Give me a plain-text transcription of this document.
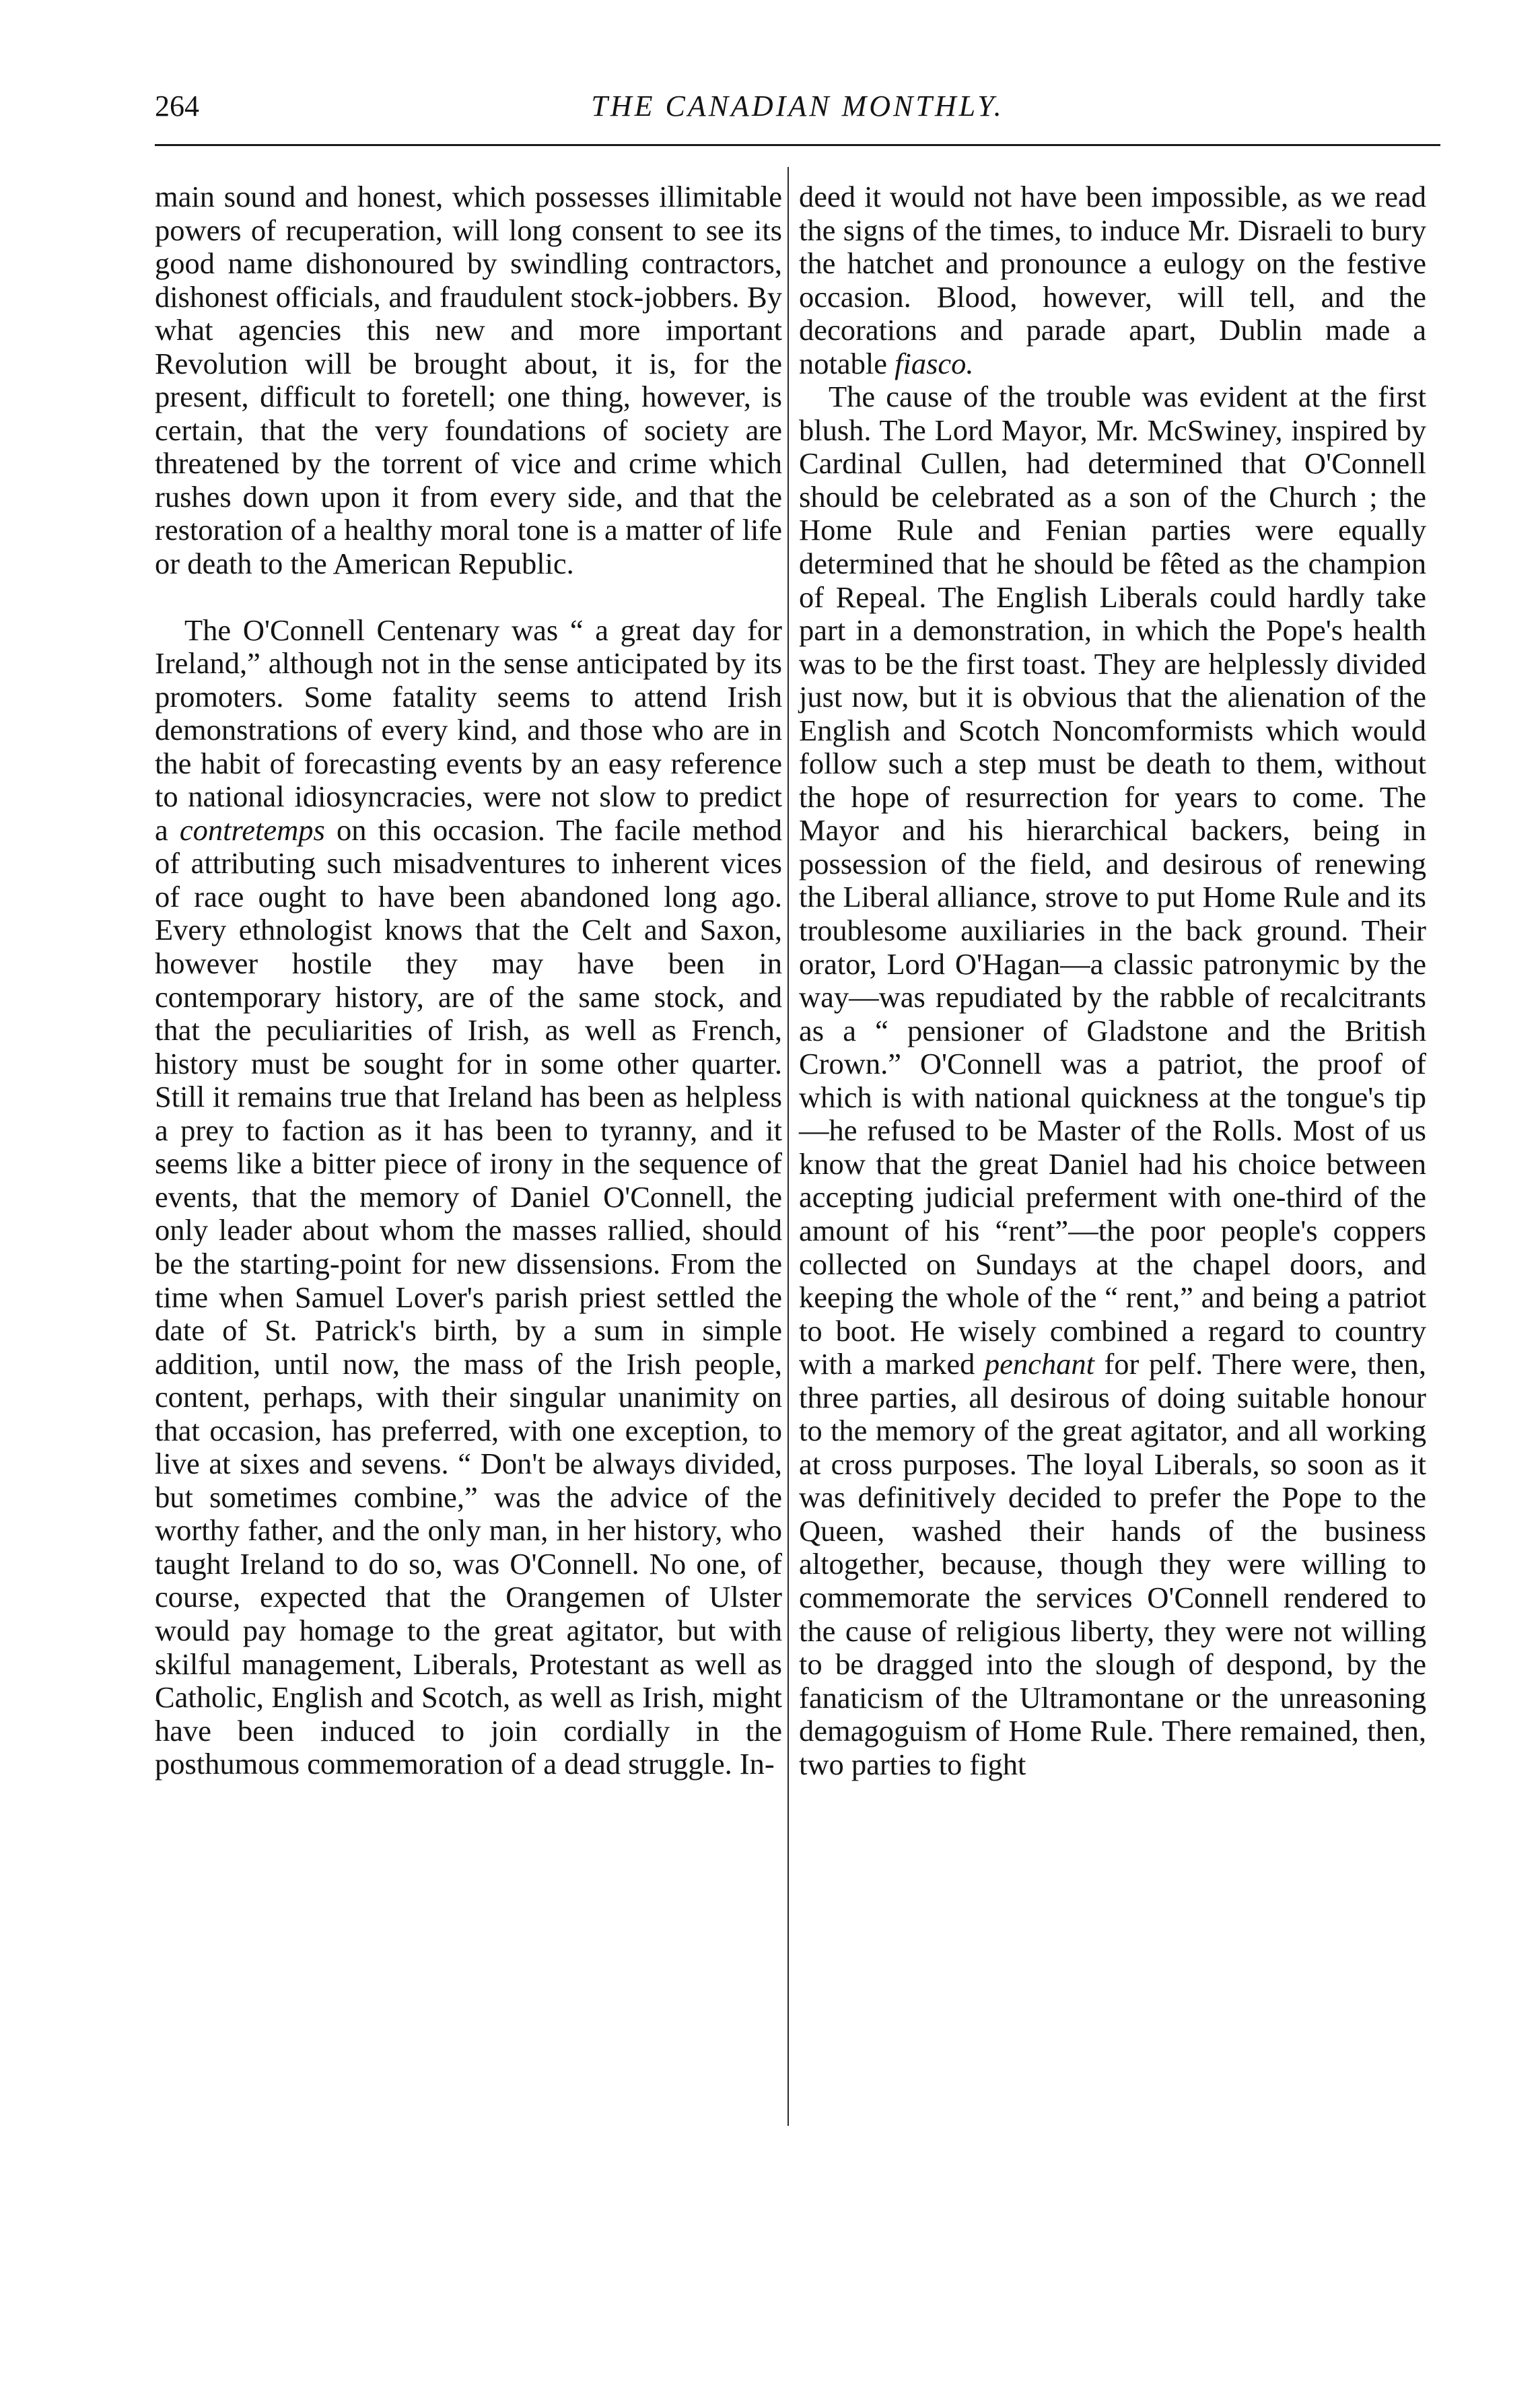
264	THE CANADIAN MONTHLY.

main sound and honest, which possesses illimitable powers of recuperation, will long consent to see its good name dishonoured by swindling contractors, dishonest officials, and fraudulent stock-jobbers. By what agencies this new and more important Revolution will be brought about, it is, for the present, difficult to foretell; one thing, however, is certain, that the very foundations of society are threatened by the torrent of vice and crime which rushes down upon it from every side, and that the restoration of a healthy moral tone is a matter of life or death to the American Republic.

The O'Connell Centenary was “ a great day for Ireland,” although not in the sense anticipated by its promoters. Some fatality seems to attend Irish demonstrations of every kind, and those who are in the habit of forecasting events by an easy reference to national idiosyncracies, were not slow to predict a contretemps on this occasion. The facile method of attributing such misadventures to inherent vices of race ought to have been abandoned long ago. Every ethnologist knows that the Celt and Saxon, however hostile they may have been in contemporary history, are of the same stock, and that the peculiarities of Irish, as well as French, history must be sought for in some other quarter. Still it remains true that Ireland has been as helpless a prey to faction as it has been to tyranny, and it seems like a bitter piece of irony in the sequence of events, that the memory of Daniel O'Connell, the only leader about whom the masses rallied, should be the starting-point for new dissensions. From the time when Samuel Lover's parish priest settled the date of St. Patrick's birth, by a sum in simple addition, until now, the mass of the Irish people, content, perhaps, with their singular unanimity on that occasion, has preferred, with one exception, to live at sixes and sevens. “ Don't be always divided, but sometimes combine,” was the advice of the worthy father, and the only man, in her history, who taught Ireland to do so, was O'Connell. No one, of course, expected that the Orangemen of Ulster would pay homage to the great agitator, but with skilful management, Liberals, Protestant as well as Catholic, English and Scotch, as well as Irish, might have been induced to join cordially in the posthumous commemoration of a dead struggle. In-

deed it would not have been impossible, as we read the signs of the times, to induce Mr. Disraeli to bury the hatchet and pronounce a eulogy on the festive occasion. Blood, however, will tell, and the decorations and parade apart, Dublin made a notable fiasco.

The cause of the trouble was evident at the first blush. The Lord Mayor, Mr. McSwiney, inspired by Cardinal Cullen, had determined that O'Connell should be celebrated as a son of the Church ; the Home Rule and Fenian parties were equally determined that he should be fêted as the champion of Repeal. The English Liberals could hardly take part in a demonstration, in which the Pope's health was to be the first toast. They are helplessly divided just now, but it is obvious that the alienation of the English and Scotch Noncomformists which would follow such a step must be death to them, without the hope of resurrection for years to come. The Mayor and his hierarchical backers, being in possession of the field, and desirous of renewing the Liberal alliance, strove to put Home Rule and its troublesome auxiliaries in the back ground. Their orator, Lord O'Hagan—a classic patronymic by the way—was repudiated by the rabble of recalcitrants as a “ pensioner of Gladstone and the British Crown.” O'Connell was a patriot, the proof of which is with national quickness at the tongue's tip—he refused to be Master of the Rolls. Most of us know that the great Daniel had his choice between accepting judicial preferment with one-third of the amount of his “rent”—the poor people's coppers collected on Sundays at the chapel doors, and keeping the whole of the “ rent,” and being a patriot to boot. He wisely combined a regard to country with a marked penchant for pelf. There were, then, three parties, all desirous of doing suitable honour to the memory of the great agitator, and all working at cross purposes. The loyal Liberals, so soon as it was definitively decided to prefer the Pope to the Queen, washed their hands of the business altogether, because, though they were willing to commemorate the services O'Connell rendered to the cause of religious liberty, they were not willing to be dragged into the slough of despond, by the fanaticism of the Ultramontane or the unreasoning demagoguism of Home Rule. There remained, then, two parties to fight
